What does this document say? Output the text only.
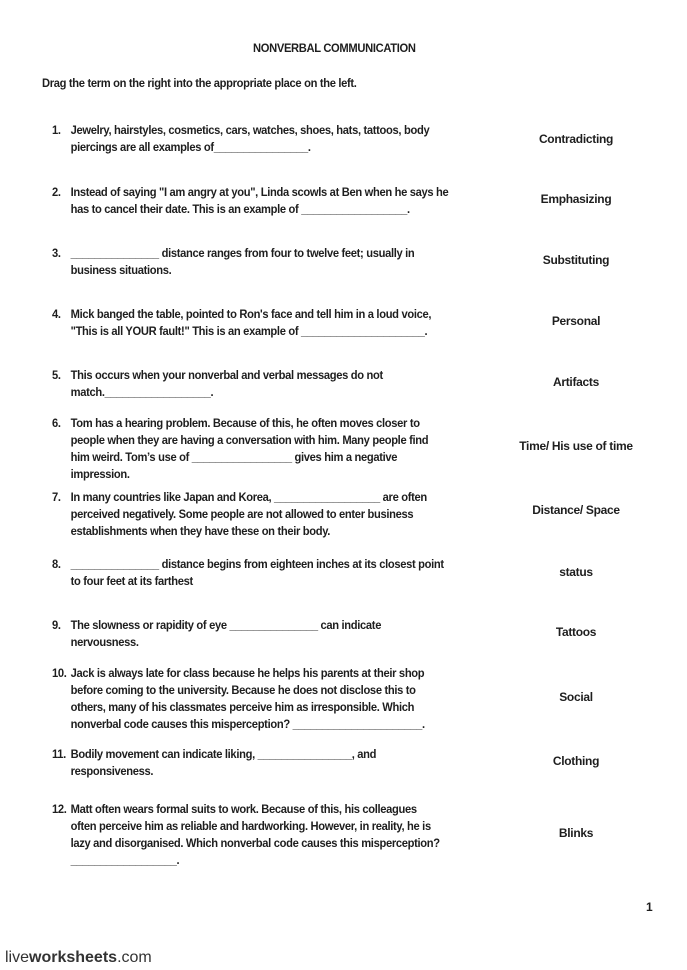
NONVERBAL COMMUNICATION
Drag the term on the right into the appropriate place on the left.
1. Jewelry, hairstyles, cosmetics, cars, watches, shoes, hats, tattoos, body
piercings are all examples of________________.
2. Instead of saying "I am angry at you", Linda scowls at Ben when he says he
has to cancel their date. This is an example of __________________.
3. _______________ distance ranges from four to twelve feet; usually in
business situations.
4. Mick banged the table, pointed to Ron's face and tell him in a loud voice,
"This is all YOUR fault!" This is an example of _____________________.
5. This occurs when your nonverbal and verbal messages do not
match.__________________.
6. Tom has a hearing problem. Because of this, he often moves closer to
people when they are having a conversation with him. Many people find
him weird. Tom’s use of _________________ gives him a negative
impression.
7. In many countries like Japan and Korea, __________________ are often
perceived negatively. Some people are not allowed to enter business
establishments when they have these on their body.
8. _______________ distance begins from eighteen inches at its closest point
to four feet at its farthest
9. The slowness or rapidity of eye _______________ can indicate
nervousness.
10. Jack is always late for class because he helps his parents at their shop
before coming to the university. Because he does not disclose this to
others, many of his classmates perceive him as irresponsible. Which
nonverbal code causes this misperception? ______________________.
11. Bodily movement can indicate liking, ________________, and
responsiveness.
12. Matt often wears formal suits to work. Because of this, his colleagues
often perceive him as reliable and hardworking. However, in reality, he is
lazy and disorganised. Which nonverbal code causes this misperception?
__________________.
Contradicting
Emphasizing
Substituting
Personal
Artifacts
Time/ His use of time
Distance/ Space
status
Tattoos
Social
Clothing
Blinks
1
liveworksheets.com
